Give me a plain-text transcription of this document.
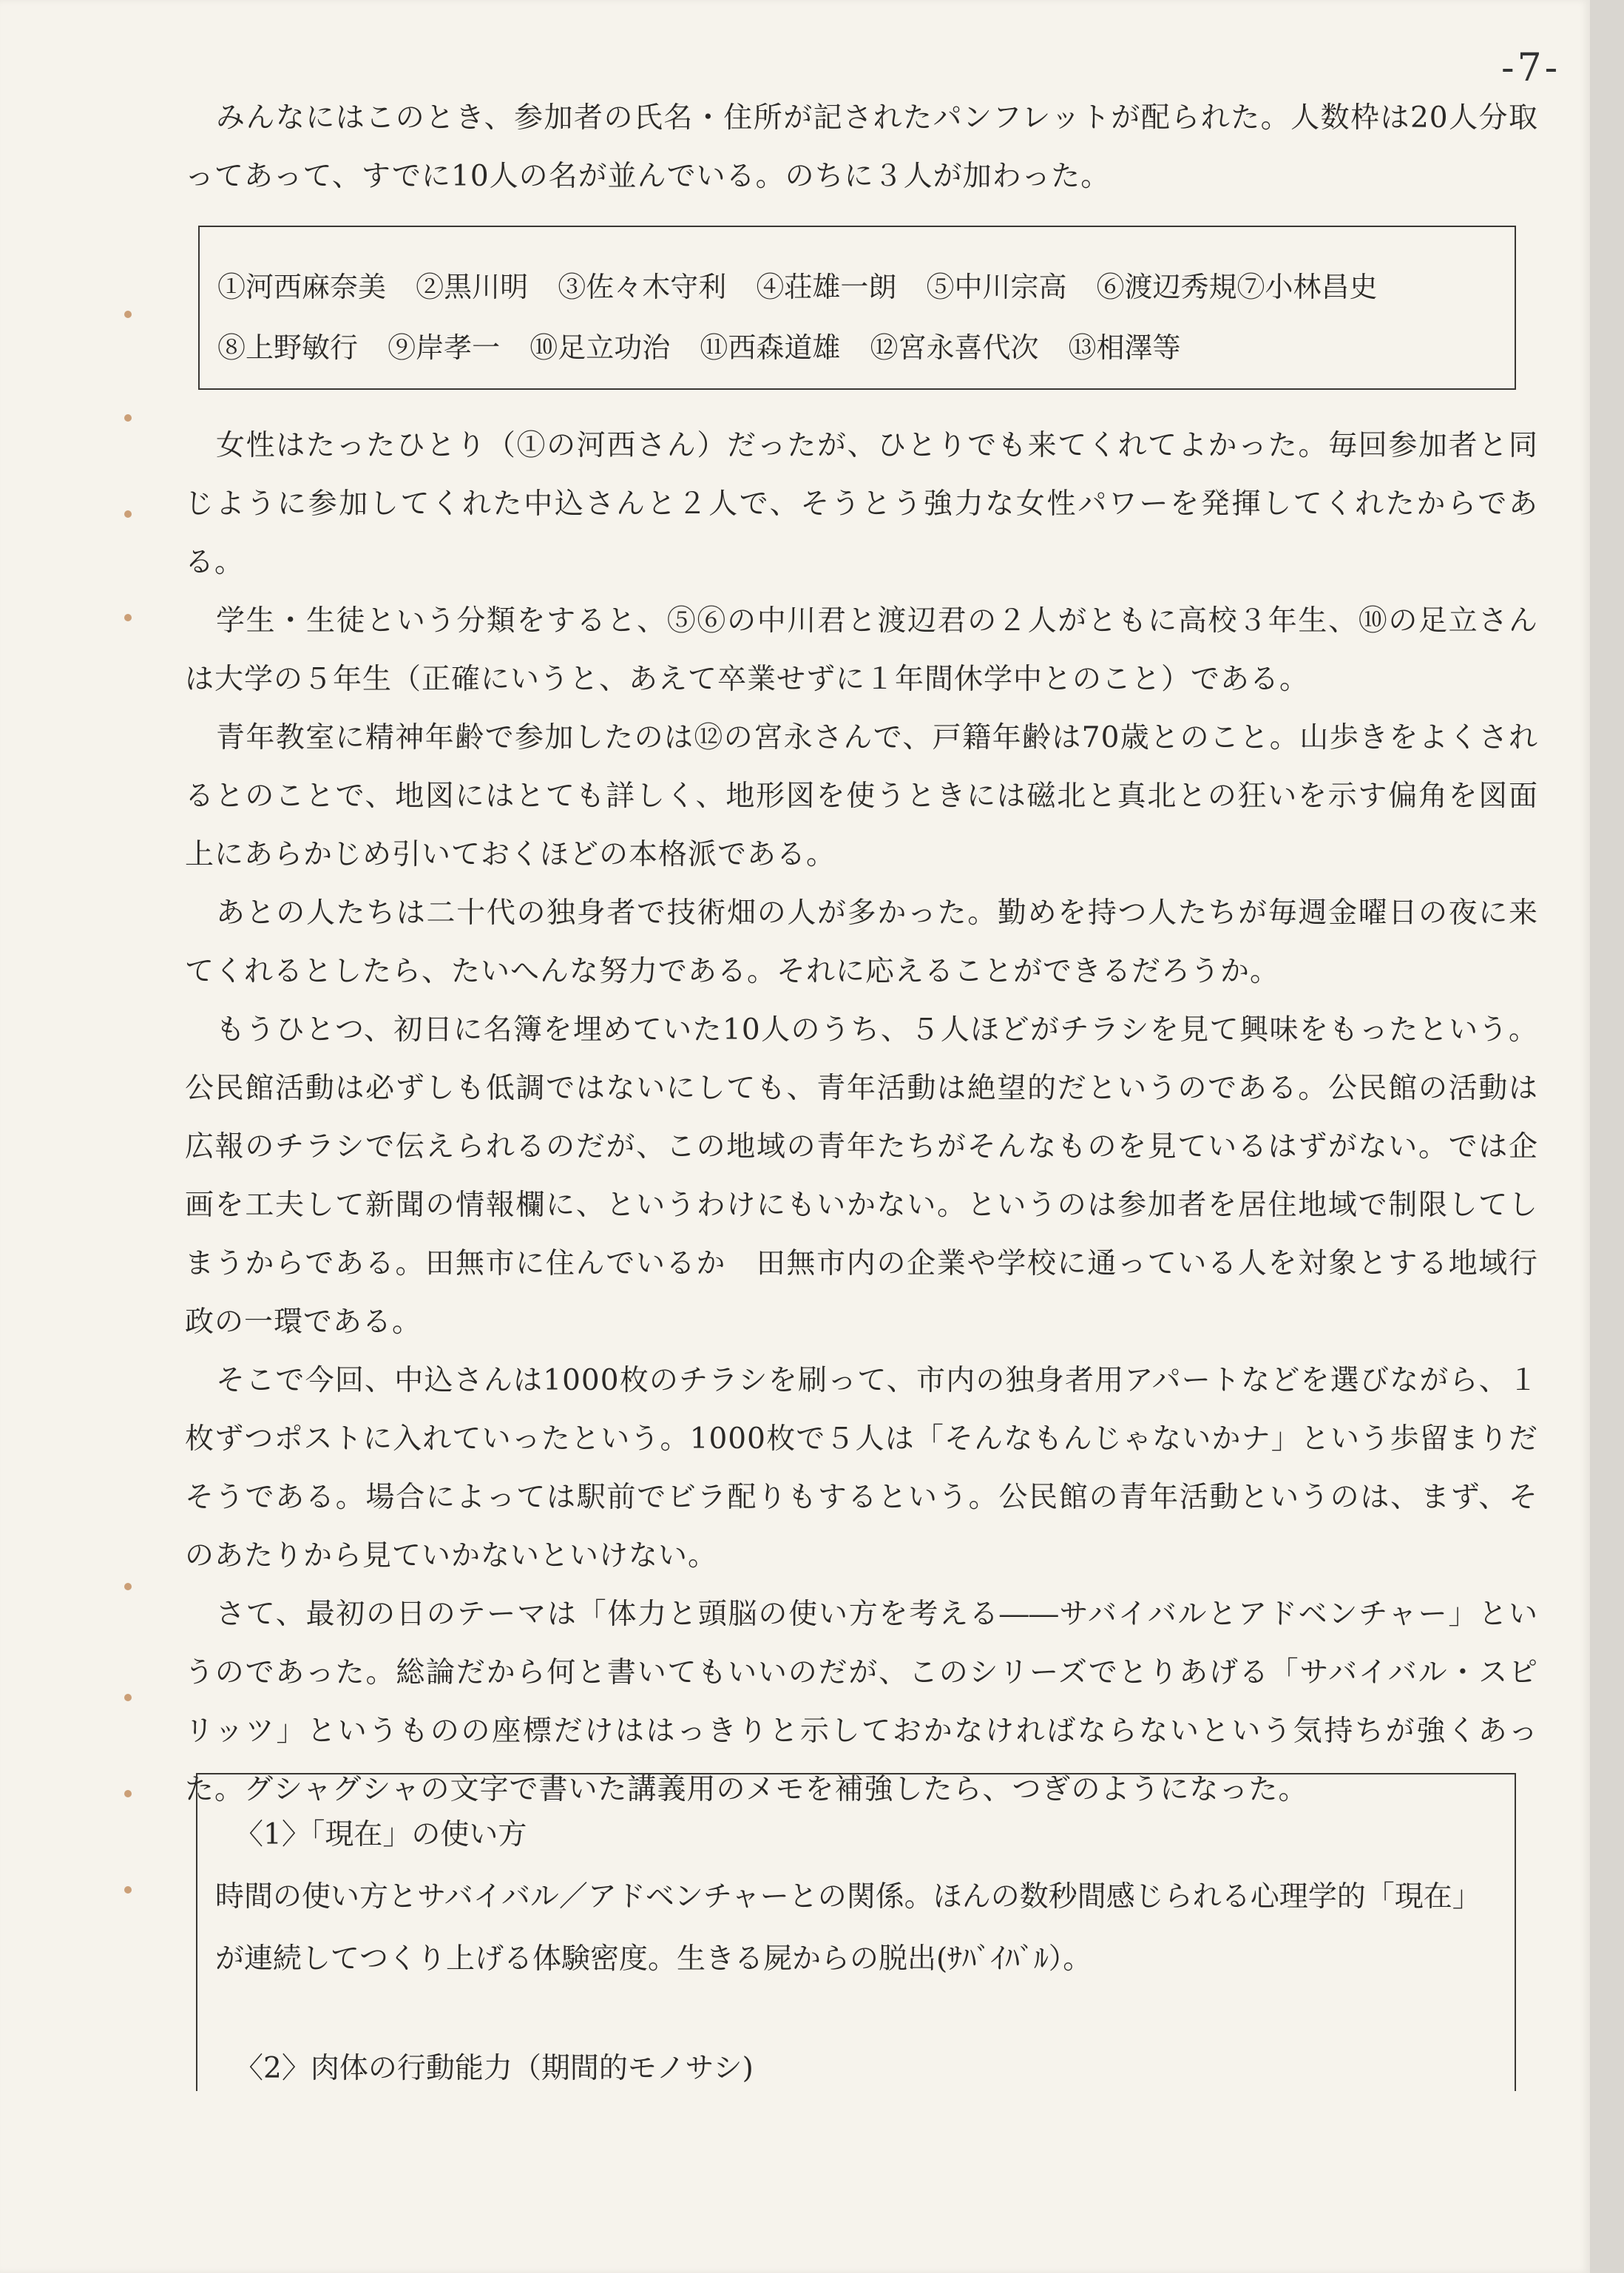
-7-

みんなにはこのとき、参加者の氏名・住所が記されたパンフレットが配られた。人数枠は20人分取ってあって、すでに10人の名が並んでいる。のちに３人が加わった。

①河西麻奈美 ②黒川明 ③佐々木守利 ④荘雄一朗 ⑤中川宗高 ⑥渡辺秀規⑦小林昌史
⑧上野敏行 ⑨岸孝一 ⑩足立功治 ⑪西森道雄 ⑫宮永喜代次 ⑬相澤等

女性はたったひとり（①の河西さん）だったが、ひとりでも来てくれてよかった。毎回参加者と同じように参加してくれた中込さんと２人で、そうとう強力な女性パワーを発揮してくれたからである。

学生・生徒という分類をすると、⑤⑥の中川君と渡辺君の２人がともに高校３年生、⑩の足立さんは大学の５年生（正確にいうと、あえて卒業せずに１年間休学中とのこと）である。

青年教室に精神年齢で参加したのは⑫の宮永さんで、戸籍年齢は70歳とのこと。山歩きをよくされるとのことで、地図にはとても詳しく、地形図を使うときには磁北と真北との狂いを示す偏角を図面上にあらかじめ引いておくほどの本格派である。

あとの人たちは二十代の独身者で技術畑の人が多かった。勤めを持つ人たちが毎週金曜日の夜に来てくれるとしたら、たいへんな努力である。それに応えることができるだろうか。

もうひとつ、初日に名簿を埋めていた10人のうち、５人ほどがチラシを見て興味をもったという。公民館活動は必ずしも低調ではないにしても、青年活動は絶望的だというのである。公民館の活動は広報のチラシで伝えられるのだが、この地域の青年たちがそんなものを見ているはずがない。では企画を工夫して新聞の情報欄に、というわけにもいかない。というのは参加者を居住地域で制限してしまうからである。田無市に住んでいるか　田無市内の企業や学校に通っている人を対象とする地域行政の一環である。

そこで今回、中込さんは1000枚のチラシを刷って、市内の独身者用アパートなどを選びながら、１枚ずつポストに入れていったという。1000枚で５人は「そんなもんじゃないかナ」という歩留まりだそうである。場合によっては駅前でビラ配りもするという。公民館の青年活動というのは、まず、そのあたりから見ていかないといけない。

さて、最初の日のテーマは「体力と頭脳の使い方を考える――サバイバルとアドベンチャー」というのであった。総論だから何と書いてもいいのだが、このシリーズでとりあげる「サバイバル・スピリッツ」というものの座標だけははっきりと示しておかなければならないという気持ちが強くあった。グシャグシャの文字で書いた講義用のメモを補強したら、つぎのようになった。

〈1〉「現在」の使い方
時間の使い方とサバイバル／アドベンチャーとの関係。ほんの数秒間感じられる心理学的「現在」が連続してつくり上げる体験密度。生きる屍からの脱出(ｻﾊﾞｲﾊﾞﾙ）。
〈2〉肉体の行動能力（期間的モノサシ)
